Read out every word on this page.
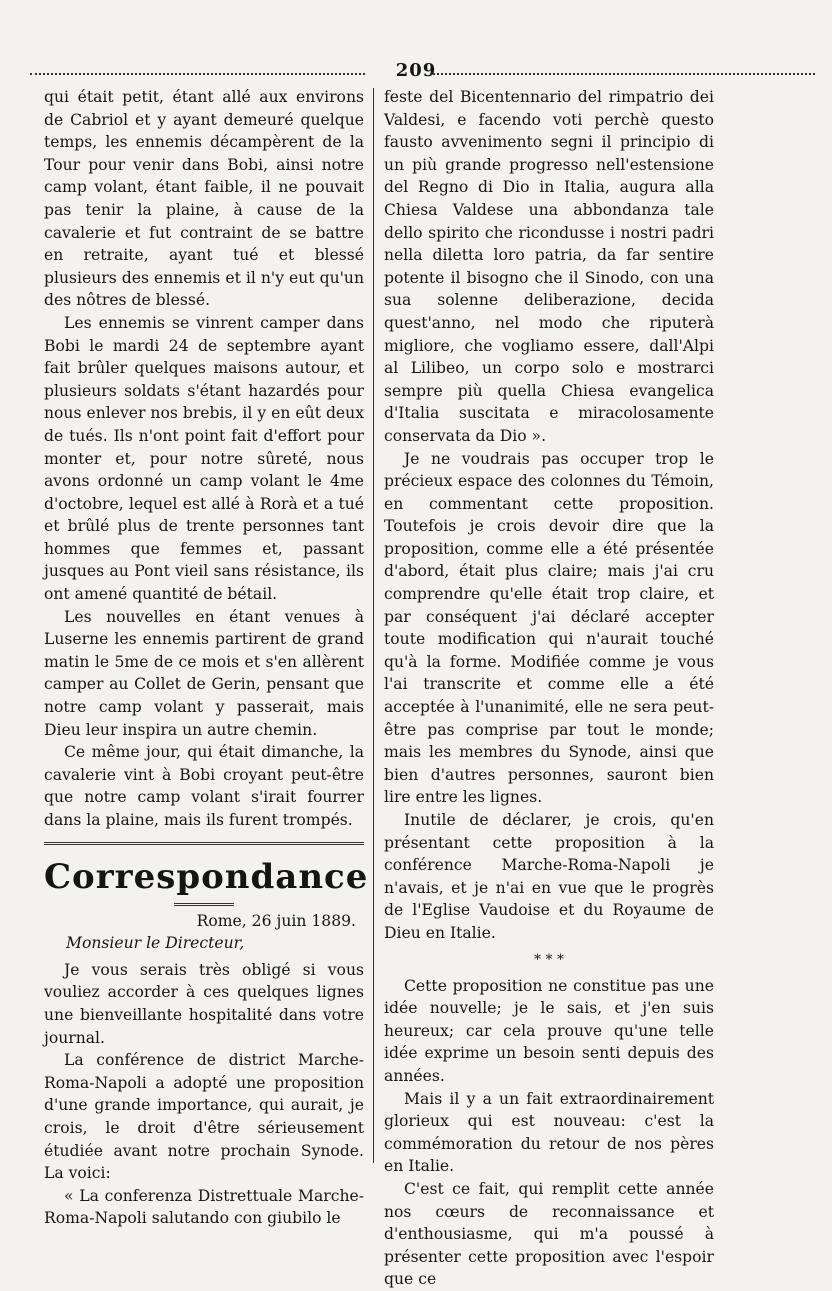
209

qui était petit, étant allé aux environs de Cabriol et y ayant demeuré quelque temps, les ennemis décampèrent de la Tour pour venir dans Bobi, ainsi notre camp volant, étant faible, il ne pouvait pas tenir la plaine, à cause de la cavalerie et fut contraint de se battre en retraite, ayant tué et blessé plusieurs des ennemis et il n'y eut qu'un des nôtres de blessé.

Les ennemis se vinrent camper dans Bobi le mardi 24 de septembre ayant fait brûler quelques maisons autour, et plusieurs soldats s'étant hazardés pour nous enlever nos brebis, il y en eût deux de tués. Ils n'ont point fait d'effort pour monter et, pour notre sûreté, nous avons ordonné un camp volant le 4me d'octobre, lequel est allé à Rorà et a tué et brûlé plus de trente personnes tant hommes que femmes et, passant jusques au Pont vieil sans résistance, ils ont amené quantité de bétail.

Les nouvelles en étant venues à Luserne les ennemis partirent de grand matin le 5me de ce mois et s'en allèrent camper au Collet de Gerin, pensant que notre camp volant y passerait, mais Dieu leur inspira un autre chemin.

Ce même jour, qui était dimanche, la cavalerie vint à Bobi croyant peut-être que notre camp volant s'irait fourrer dans la plaine, mais ils furent trompés.

Correspondance

Rome, 26 juin 1889.

Monsieur le Directeur,

Je vous serais très obligé si vous vouliez accorder à ces quelques lignes une bienveillante hospitalité dans votre journal.

La conférence de district Marche-Roma-Napoli a adopté une proposition d'une grande importance, qui aurait, je crois, le droit d'être sérieusement étudiée avant notre prochain Synode. La voici:

« La conferenza Distrettuale Marche-Roma-Napoli salutando con giubilo le

feste del Bicentennario del rimpatrio dei Valdesi, e facendo voti perchè questo fausto avvenimento segni il principio di un più grande progresso nell'estensione del Regno di Dio in Italia, augura alla Chiesa Valdese una abbondanza tale dello spirito che ricondusse i nostri padri nella diletta loro patria, da far sentire potente il bisogno che il Sinodo, con una sua solenne deliberazione, decida quest'anno, nel modo che riputerà migliore, che vogliamo essere, dall'Alpi al Lilibeo, un corpo solo e mostrarci sempre più quella Chiesa evangelica d'Italia suscitata e miracolosamente conservata da Dio ».

Je ne voudrais pas occuper trop le précieux espace des colonnes du Témoin, en commentant cette proposition. Toutefois je crois devoir dire que la proposition, comme elle a été présentée d'abord, était plus claire; mais j'ai cru comprendre qu'elle était trop claire, et par conséquent j'ai déclaré accepter toute modification qui n'aurait touché qu'à la forme. Modifiée comme je vous l'ai transcrite et comme elle a été acceptée à l'unanimité, elle ne sera peut-être pas comprise par tout le monde; mais les membres du Synode, ainsi que bien d'autres personnes, sauront bien lire entre les lignes.

Inutile de déclarer, je crois, qu'en présentant cette proposition à la conférence Marche-Roma-Napoli je n'avais, et je n'ai en vue que le progrès de l'Eglise Vaudoise et du Royaume de Dieu en Italie.

* * *

Cette proposition ne constitue pas une idée nouvelle; je le sais, et j'en suis heureux; car cela prouve qu'une telle idée exprime un besoin senti depuis des années.

Mais il y a un fait extraordinairement glorieux qui est nouveau: c'est la commémoration du retour de nos pères en Italie.

C'est ce fait, qui remplit cette année nos cœurs de reconnaissance et d'enthousiasme, qui m'a poussé à présenter cette proposition avec l'espoir que ce
